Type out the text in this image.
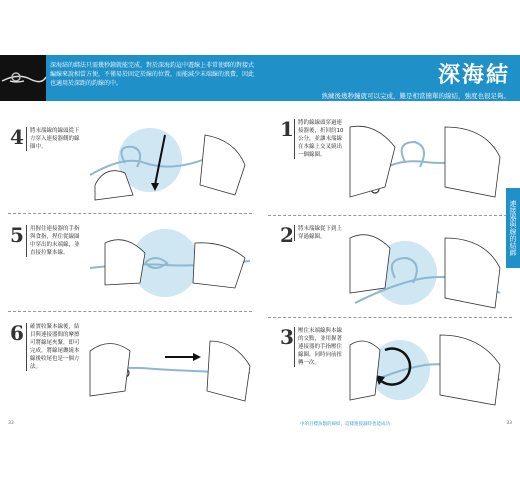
深海結的綁法只需幾秒鐘就能完成，對於深海釣這中遊線上非常使綁的對接式編線來說相當方便，不僅易於固定於線的位置，而能減少末端線的浪費，因此也適用於深距的釣線的中。
4	將末端線的線頭從下方穿入連接器側的線圈中。
5	用握住連接器的手指與食指，捏住從線圈中穿出的末端線，並直接拉緊本線。
6	確實收緊本線後，結目與連接器間的摩擦可將線尾夾緊，即可完成。將線尾纏繞本線後收尾也是一個方法。
33
深海結
熟練後幾秒鐘就可以完成，難是相當簡單的線結，強度也很足夠。
1 將釣線線頭穿過連接器後，折回約10公分，並讓末端線在本線上交叉繞出一個線圈。
2 將末端線從下到上穿過線圈。
3 壓住末端線與本線的交點，並用握著連接器的手指壓住線圈，同時向前扭轉一次。
連接器與線的結綁
中的目標魚類的線結，這樣連接器時也能成功	33
